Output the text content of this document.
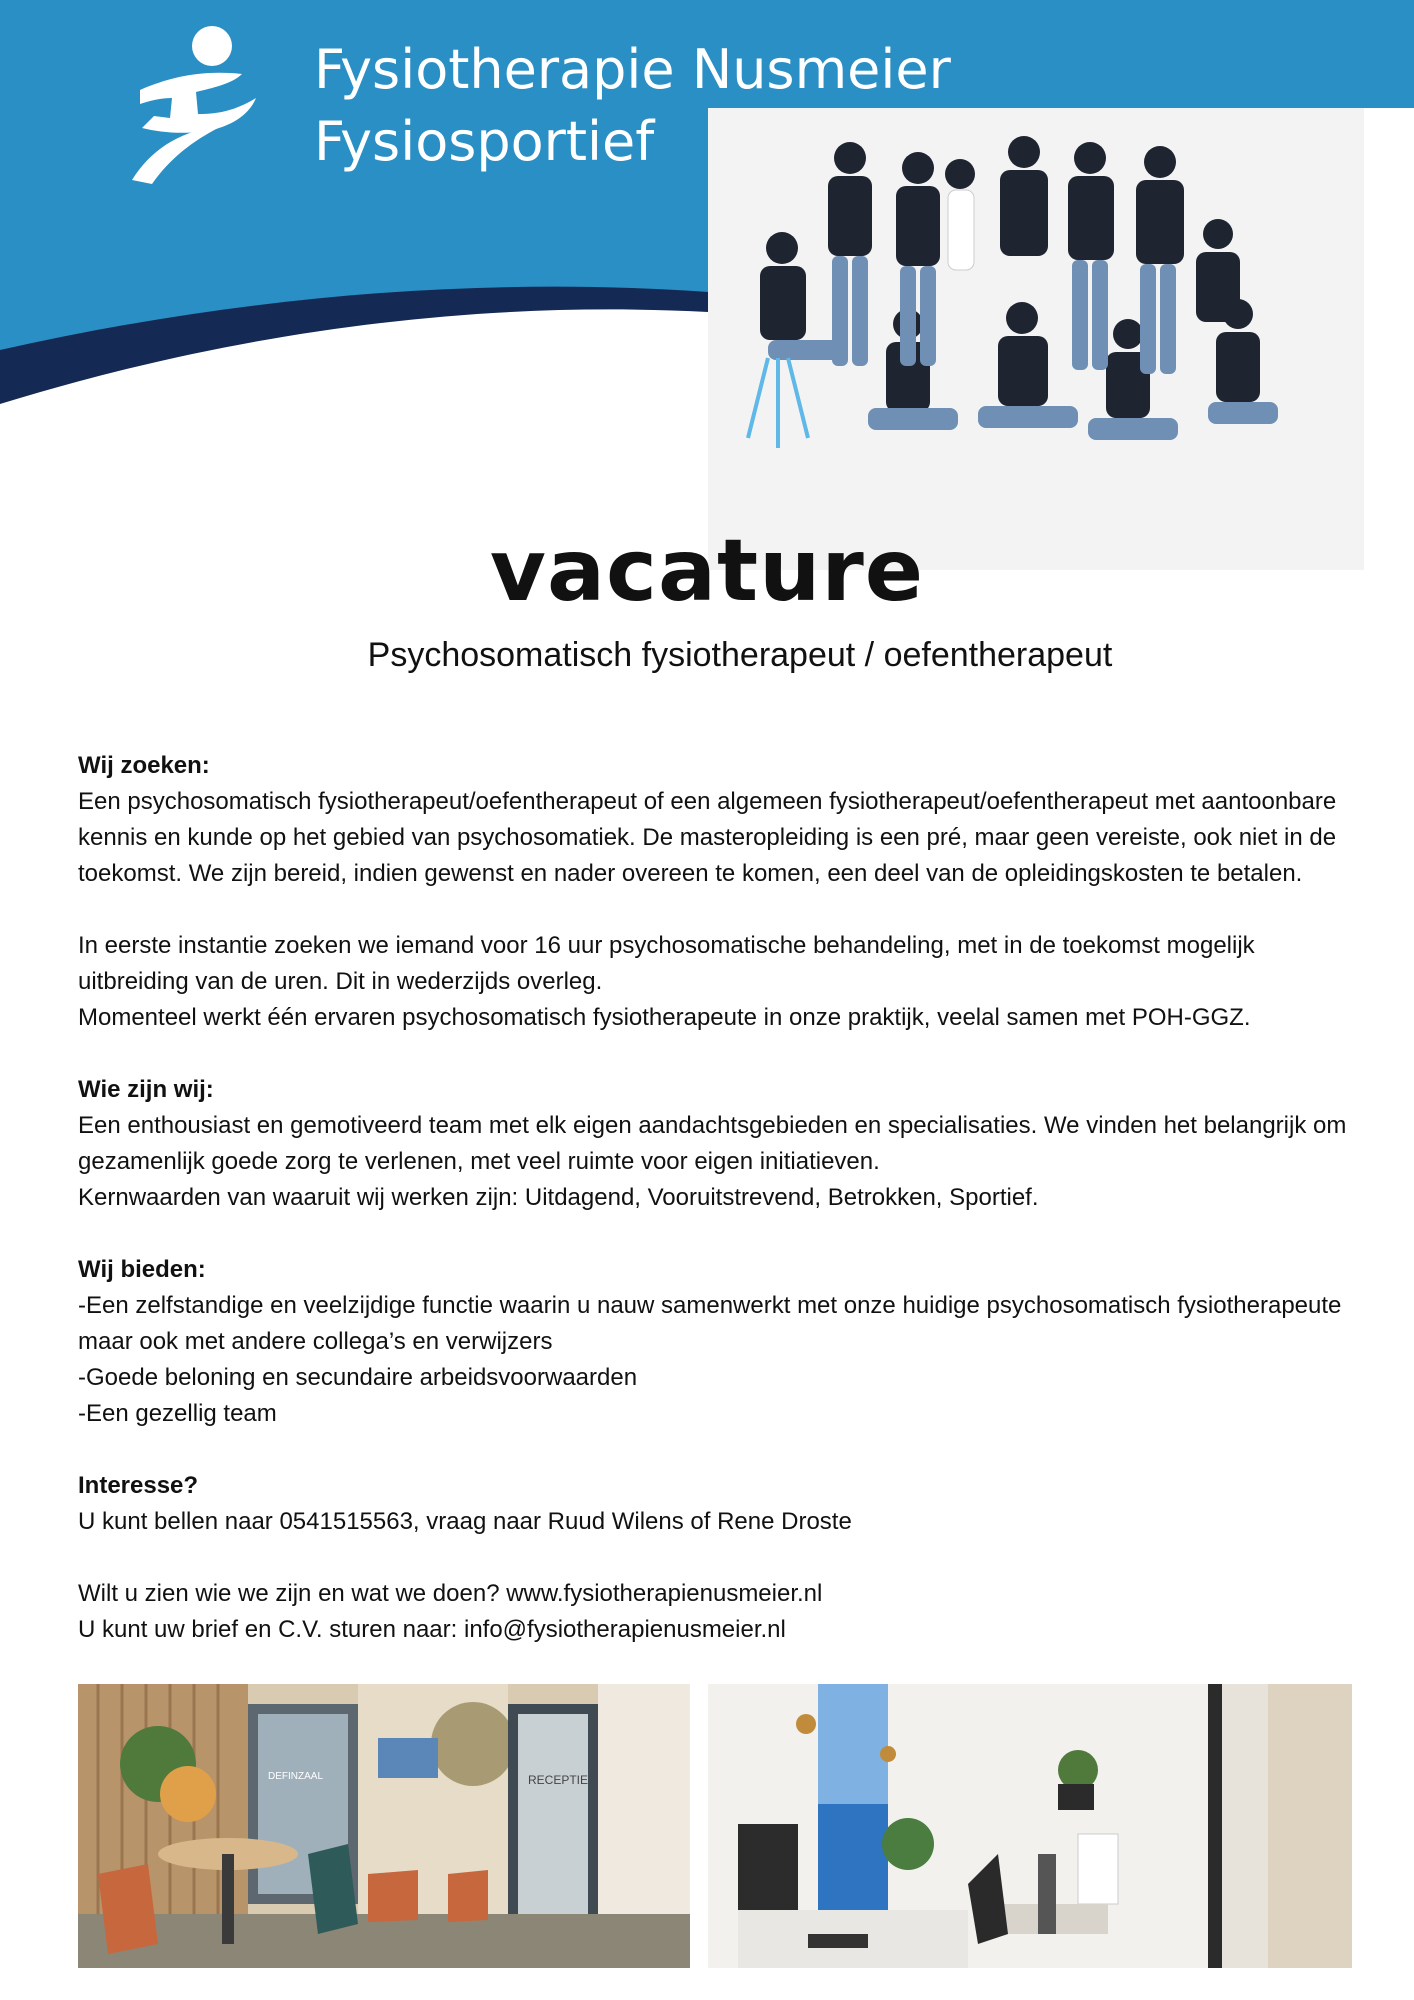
Fysiotherapie Nusmeier
Fysiosportief
vacature
Psychosomatisch fysiotherapeut / oefentherapeut

Wij zoeken:

Een psychosomatisch fysiotherapeut/oefentherapeut of een algemeen fysiotherapeut/oefentherapeut met aantoonbare kennis en kunde op het gebied van psychosomatiek. De masteropleiding is een pré, maar geen vereiste, ook niet in de toekomst. We zijn bereid, indien gewenst en nader overeen te komen, een deel van de opleidingskosten te betalen.

In eerste instantie zoeken we iemand voor 16 uur psychosomatische behandeling, met in de toekomst mogelijk uitbreiding van de uren. Dit in wederzijds overleg.

Momenteel werkt één ervaren psychosomatisch fysiotherapeute in onze praktijk, veelal samen met POH-GGZ.

Wie zijn wij:

Een enthousiast en gemotiveerd team met elk eigen aandachtsgebieden en specialisaties. We vinden het belangrijk om gezamenlijk goede zorg te verlenen, met veel ruimte voor eigen initiatieven.

Kernwaarden van waaruit wij werken zijn: Uitdagend, Vooruitstrevend, Betrokken, Sportief.

Wij bieden:

-Een zelfstandige en veelzijdige functie waarin u nauw samenwerkt met onze huidige psychosomatisch fysiotherapeute maar ook met andere collega’s en verwijzers

-Goede beloning en secundaire arbeidsvoorwaarden

-Een gezellig team

Interesse?

U kunt bellen naar 0541515563, vraag naar Ruud Wilens of Rene Droste

Wilt u zien wie we zijn en wat we doen? www.fysiotherapienusmeier.nl

U kunt uw brief en C.V. sturen naar: info@fysiotherapienusmeier.nl

DEFINZAAL	RECEPTIE
